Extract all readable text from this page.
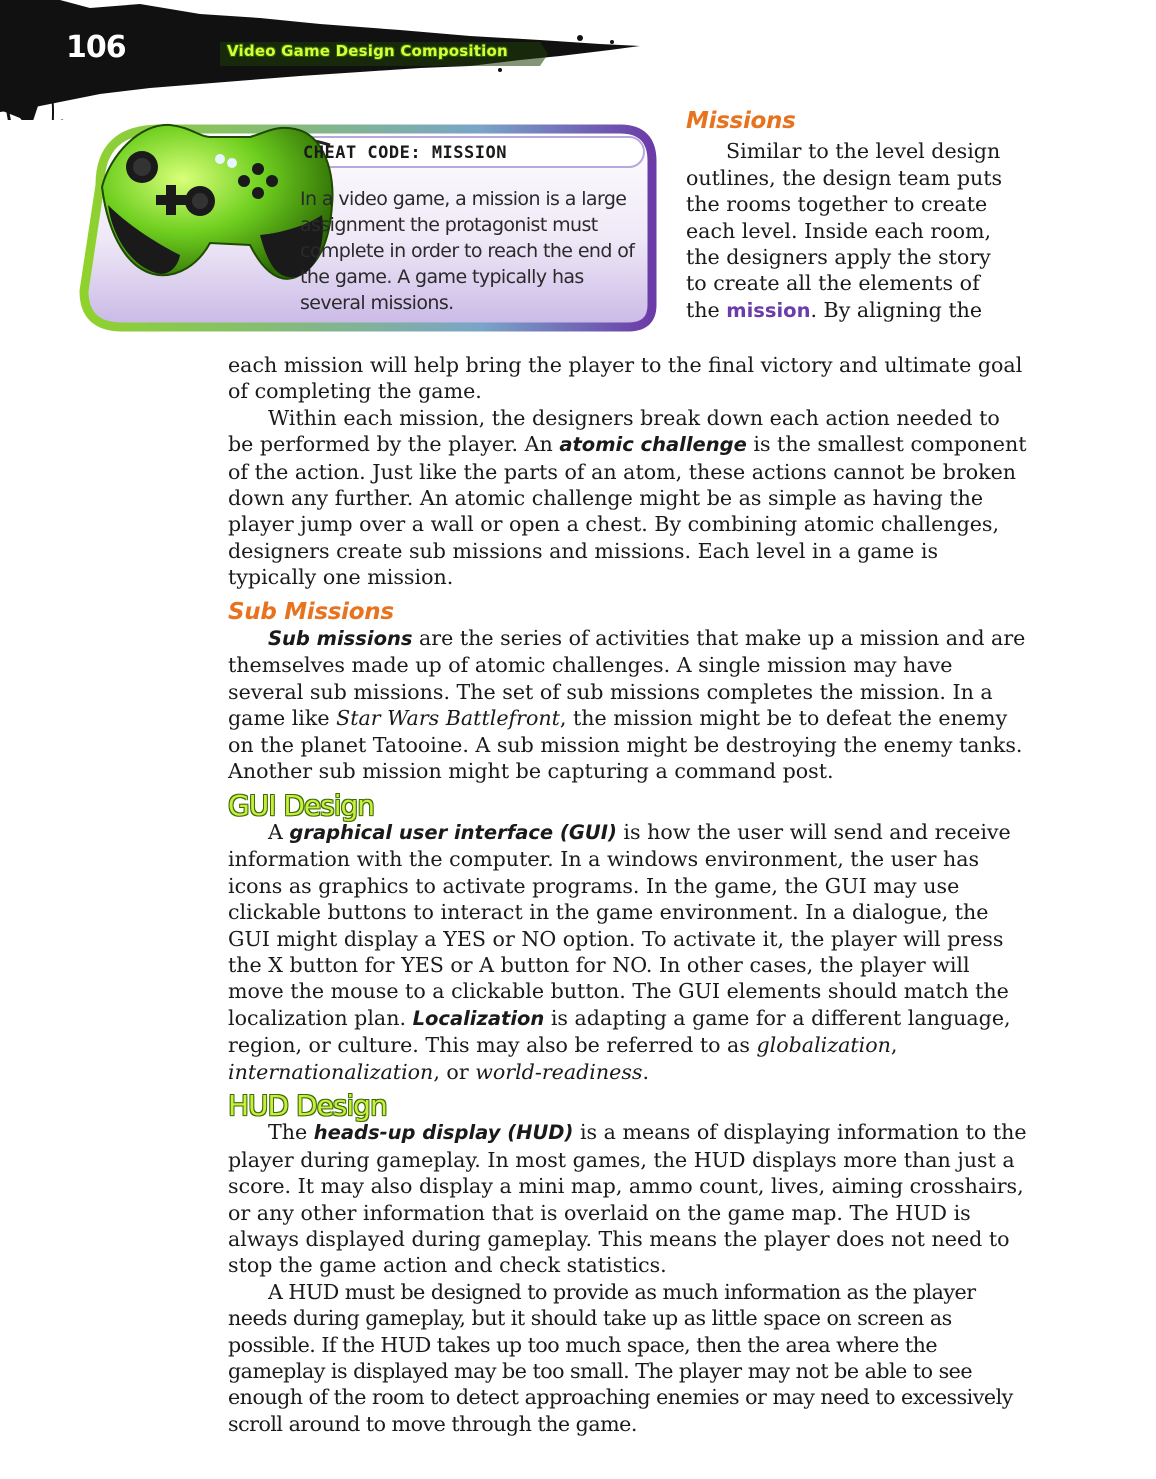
106	Video Game Design Composition
CHEAT CODE: MISSION
In a video game, a mission is a large assignment the protagonist must complete in order to reach the end of the game. A game typically has several missions.

Missions

Similar to the level design outlines, the design team puts the rooms together to create each level. Inside each room, the designers apply the story to create all the elements of the mission. By aligning the

each mission will help bring the player to the final victory and ultimate goal of completing the game.

Within each mission, the designers break down each action needed to be performed by the player. An atomic challenge is the smallest component of the action. Just like the parts of an atom, these actions cannot be broken down any further. An atomic challenge might be as simple as having the player jump over a wall or open a chest. By combining atomic challenges, designers create sub missions and missions. Each level in a game is typically one mission.

Sub Missions

Sub missions are the series of activities that make up a mission and are themselves made up of atomic challenges. A single mission may have several sub missions. The set of sub missions completes the mission. In a game like Star Wars Battlefront, the mission might be to defeat the enemy on the planet Tatooine. A sub mission might be destroying the enemy tanks. Another sub mission might be capturing a command post.

GUI Design

A graphical user interface (GUI) is how the user will send and receive information with the computer. In a windows environment, the user has icons as graphics to activate programs. In the game, the GUI may use clickable buttons to interact in the game environment. In a dialogue, the GUI might display a YES or NO option. To activate it, the player will press the X button for YES or A button for NO. In other cases, the player will move the mouse to a clickable button. The GUI elements should match the localization plan. Localization is adapting a game for a different language, region, or culture. This may also be referred to as globalization, internationalization, or world-readiness.

HUD Design

The heads-up display (HUD) is a means of displaying information to the player during gameplay. In most games, the HUD displays more than just a score. It may also display a mini map, ammo count, lives, aiming crosshairs, or any other information that is overlaid on the game map. The HUD is always displayed during gameplay. This means the player does not need to stop the game action and check statistics.

A HUD must be designed to provide as much information as the player needs during gameplay, but it should take up as little space on screen as possible. If the HUD takes up too much space, then the area where the gameplay is displayed may be too small. The player may not be able to see enough of the room to detect approaching enemies or may need to excessively scroll around to move through the game.
